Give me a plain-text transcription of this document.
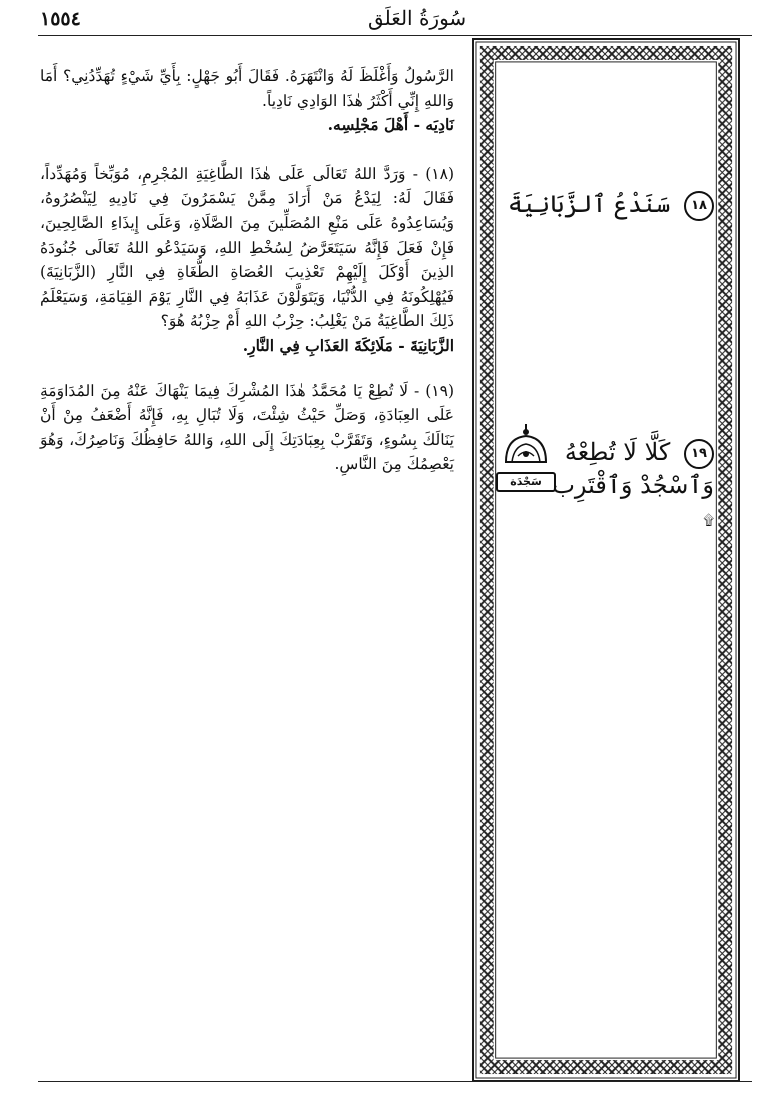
١٥٥٤	سُورَةُ العَلَق

الرَّسُولُ وَأَغْلَظَ لَهُ وَانْتَهَرَهُ. فَقَالَ أَبُو جَهْلٍ: بِأَيِّ شَيْءٍ تُهَدِّدُنِي؟ أَمَا وَاللهِ إِنِّي أَكْثَرُ هٰذَا الوَادِي نَادِياً.

نَادِيَه - أَهْلَ مَجْلِسِه.

(١٨) - وَرَدَّ اللهُ تَعَالَى عَلَى هٰذَا الطَّاغِيَةِ المُجْرِمِ، مُوَبِّخاً وَمُهَدِّداً، فَقَالَ لَهُ: لِيَدْعُ مَنْ أَرَادَ مِمَّنْ يَسْمَرُونَ فِي نَادِيهِ لِيَنْصُرُوهُ، وَيُسَاعِدُوهُ عَلَى مَنْعِ المُصَلِّينَ مِنَ الصَّلَاةِ، وَعَلَى إِيذَاءِ الصَّالِحِينَ، فَإِنْ فَعَلَ فَإِنَّهُ سَيَتَعَرَّضُ لِسُخْطِ اللهِ، وَسَيَدْعُو اللهُ تَعَالَى جُنُودَهُ الذِينَ أَوْكَلَ إِلَيْهِمْ تَعْذِيبَ العُصَاةِ الطُّغَاةِ فِي النَّارِ (الزَّبَانِيَةَ) فَيُهْلِكُونَهُ فِي الدُّنْيَا، وَيَتَوَلَّوْنَ عَذَابَهُ فِي النَّارِ يَوْمَ القِيَامَةِ، وَسَيَعْلَمُ ذَلِكَ الطَّاغِيَةُ مَنْ يَغْلِبُ: حِزْبُ اللهِ أَمْ حِزْبُهُ هُوَ؟

الزَّبَانِيَةَ - مَلَائِكَةَ العَذَابِ فِي النَّارِ.

(١٩) - لَا تُطِعْ يَا مُحَمَّدُ هٰذَا المُشْرِكَ فِيمَا يَنْهَاكَ عَنْهُ مِنَ المُدَاوَمَةِ عَلَى العِبَادَةِ، وَصَلِّ حَيْثُ شِئْتَ، وَلَا تُبَالِ بِهِ، فَإِنَّهُ أَضْعَفُ مِنْ أَنْ يَنَالَكَ بِسُوءٍ، وَتَقَرَّبْ بِعِبَادَتِكَ إِلَى اللهِ، وَاللهُ حَافِظُكَ وَنَاصِرُكَ، وَهُوَ يَعْصِمُكَ مِنَ النَّاسِ.

١٨ سَنَدْعُ ٱلزَّبَانِيَةَ
١٩ كَلَّا لَا تُطِعْهُ وَٱسْجُدْ وَٱقْتَرِب ۩
سَجْدَة
